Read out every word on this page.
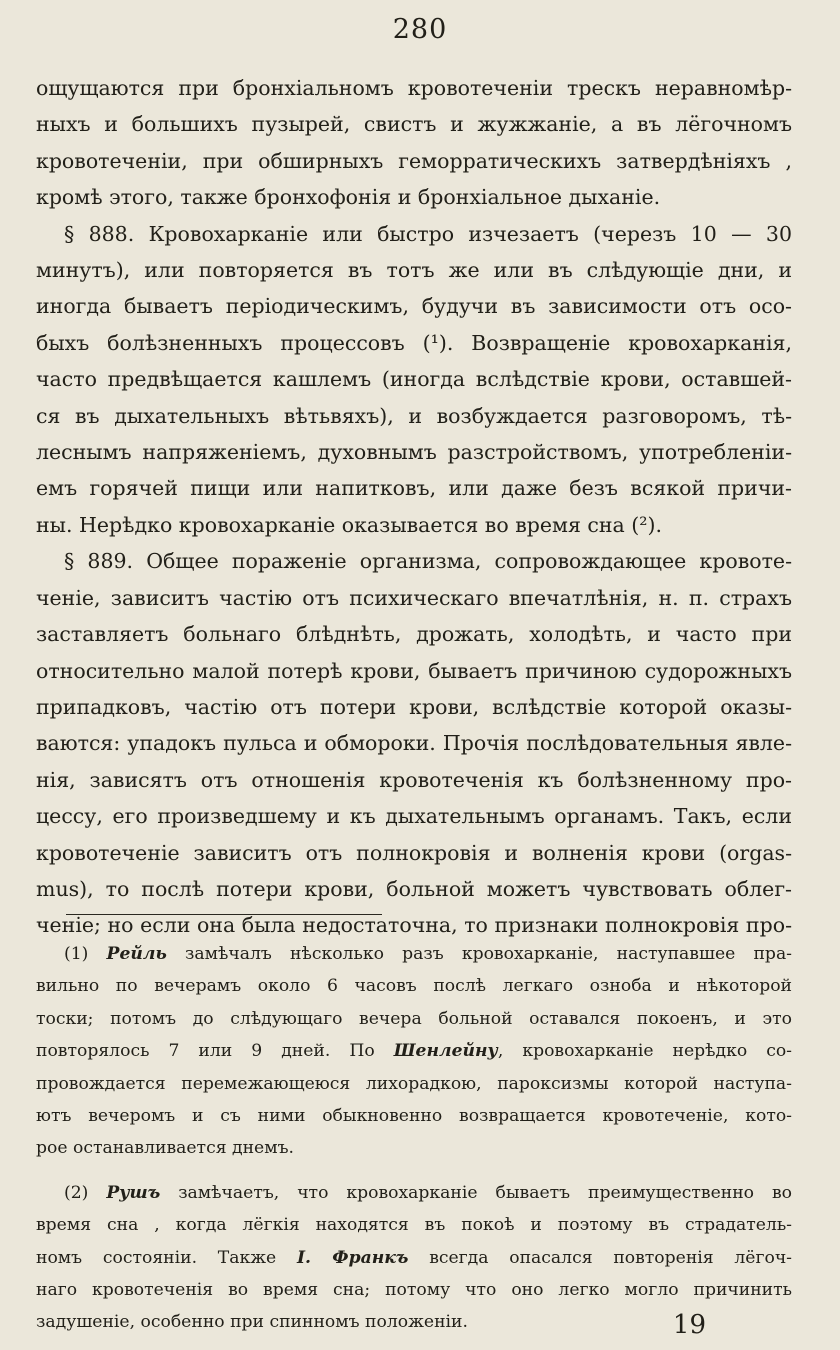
280
ощущаются при бронхіальномъ кровотеченіи трескъ неравномѣр-
ныхъ и большихъ пузырей, свистъ и жужжаніе, а въ лёгочномъ
кровотеченіи, при обширныхъ геморратическихъ затвердѣніяхъ ,
кромѣ этого, также бронхофонія и бронхіальное дыханіе.
§ 888. Кровохарканіе или быстро изчезаетъ (черезъ 10 — 30
минутъ), или повторяется въ тотъ же или въ слѣдующіе дни, и
иногда бываетъ періодическимъ, будучи въ зависимости отъ осо-
быхъ болѣзненныхъ процессовъ (¹). Возвращеніе кровохарканія,
часто предвѣщается кашлемъ (иногда вслѣдствіе крови, оставшей-
ся въ дыхательныхъ вѣтьвяхъ), и возбуждается разговоромъ, тѣ-
леснымъ напряженіемъ, духовнымъ разстройствомъ, употребленіи-
емъ горячей пищи или напитковъ, или даже безъ всякой причи-
ны. Нерѣдко кровохарканіе оказывается во время сна (²).
§ 889. Общее пораженіе организма, сопровождающее кровоте-
ченіе, зависитъ частію отъ психическаго впечатлѣнія, н. п. страхъ
заставляетъ больнаго блѣднѣть, дрожать, холодѣть, и часто при
относительно малой потерѣ крови, бываетъ причиною судорожныхъ
припадковъ, частію отъ потери крови, вслѣдствіе которой оказы-
ваются: упадокъ пульса и обмороки. Прочія послѣдовательныя явле-
нія, зависятъ отъ отношенія кровотеченія къ болѣзненному про-
цессу, его произведшему и къ дыхательнымъ органамъ. Такъ, если
кровотеченіе зависитъ отъ полнокровія и волненія крови (orgas-
mus), то послѣ потери крови, больной можетъ чувствовать облег-
ченіе; но если она была недостаточна, то признаки полнокровія про-
(1) Рейль замѣчалъ нѣсколько разъ кровохарканіе, наступавшее пра-
вильно по вечерамъ около 6 часовъ послѣ легкаго озноба и нѣкоторой
тоски; потомъ до слѣдующаго вечера больной оставался покоенъ, и это
повторялось 7 или 9 дней. По Шенлейну, кровохарканіе нерѣдко со-
провождается перемежающеюся лихорадкою, пароксизмы которой наступа-
ютъ вечеромъ и съ ними обыкновенно возвращается кровотеченіе, кото-
рое останавливается днемъ.
(2) Рушъ замѣчаетъ, что кровохарканіе бываетъ преимущественно во
время сна , когда лёгкія находятся въ покоѣ и поэтому въ страдатель-
номъ состояніи. Также І. Франкъ всегда опасался повторенія лёгоч-
наго кровотеченія во время сна; потому что оно легко могло причинить
задушеніе, особенно при спинномъ положеніи.	19
